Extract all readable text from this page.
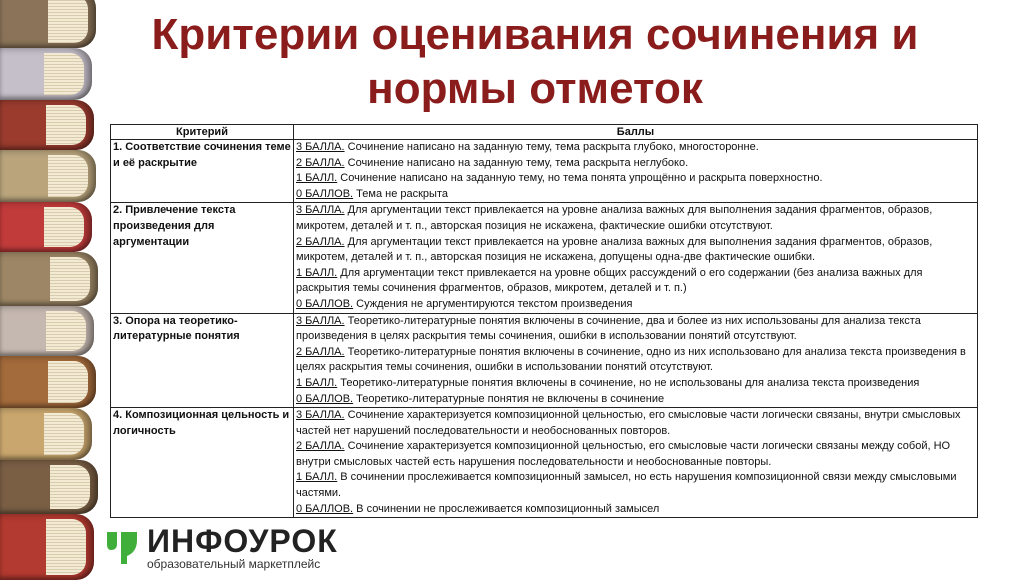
Критерии оценивания сочинения и нормы отметок
Критерий	Баллы
1. Соответствие сочинения теме и её раскрытие	3 БАЛЛА. Сочинение написано на заданную тему, тема раскрыта глубоко, многосторонне.
2 БАЛЛА. Сочинение написано на заданную тему, тема раскрыта неглубоко.
1 БАЛЛ. Сочинение написано на заданную тему, но тема понята упрощённо и раскрыта поверхностно.
0 БАЛЛОВ. Тема не раскрыта

2. Привлечение текста произведения для аргументации	3 БАЛЛА. Для аргументации текст привлекается на уровне анализа важных для выполнения задания фрагментов, образов, микротем, деталей и т. п., авторская позиция не искажена, фактические ошибки отсутствуют.
2 БАЛЛА. Для аргументации текст привлекается на уровне анализа важных для выполнения задания фрагментов, образов, микротем, деталей и т. п., авторская позиция не искажена, допущены одна-две фактические ошибки.
1 БАЛЛ. Для аргументации текст привлекается на уровне общих рассуждений о его содержании (без анализа важных для раскрытия темы сочинения фрагментов, образов, микротем, деталей и т. п.)
0 БАЛЛОВ. Суждения не аргументируются текстом произведения

3. Опора на теоретико-литературные понятия	3 БАЛЛА. Теоретико-литературные понятия включены в сочинение, два и более из них использованы для анализа текста произведения в целях раскрытия темы сочинения, ошибки в использовании понятий отсутствуют.
2 БАЛЛА. Теоретико-литературные понятия включены в сочинение, одно из них использовано для анализа текста произведения в целях раскрытия темы сочинения, ошибки в использовании понятий отсутствуют.
1 БАЛЛ. Теоретико-литературные понятия включены в сочинение, но не использованы для анализа текста произведения
0 БАЛЛОВ. Теоретико-литературные понятия не включены в сочинение

4. Композиционная цельность и логичность	3 БАЛЛА. Сочинение характеризуется композиционной цельностью, его смысловые части логически связаны, внутри смысловых частей нет нарушений последовательности и необоснованных повторов.
2 БАЛЛА. Сочинение характеризуется композиционной цельностью, его смысловые части логически связаны между собой, НО внутри смысловых частей есть нарушения последовательности и необоснованные повторы.
1 БАЛЛ. В сочинении прослеживается композиционный замысел, но есть нарушения композиционной связи между смысловыми частями.
0 БАЛЛОВ. В сочинении не прослеживается композиционный замысел
ИНФОУРОК
образовательный маркетплейс
